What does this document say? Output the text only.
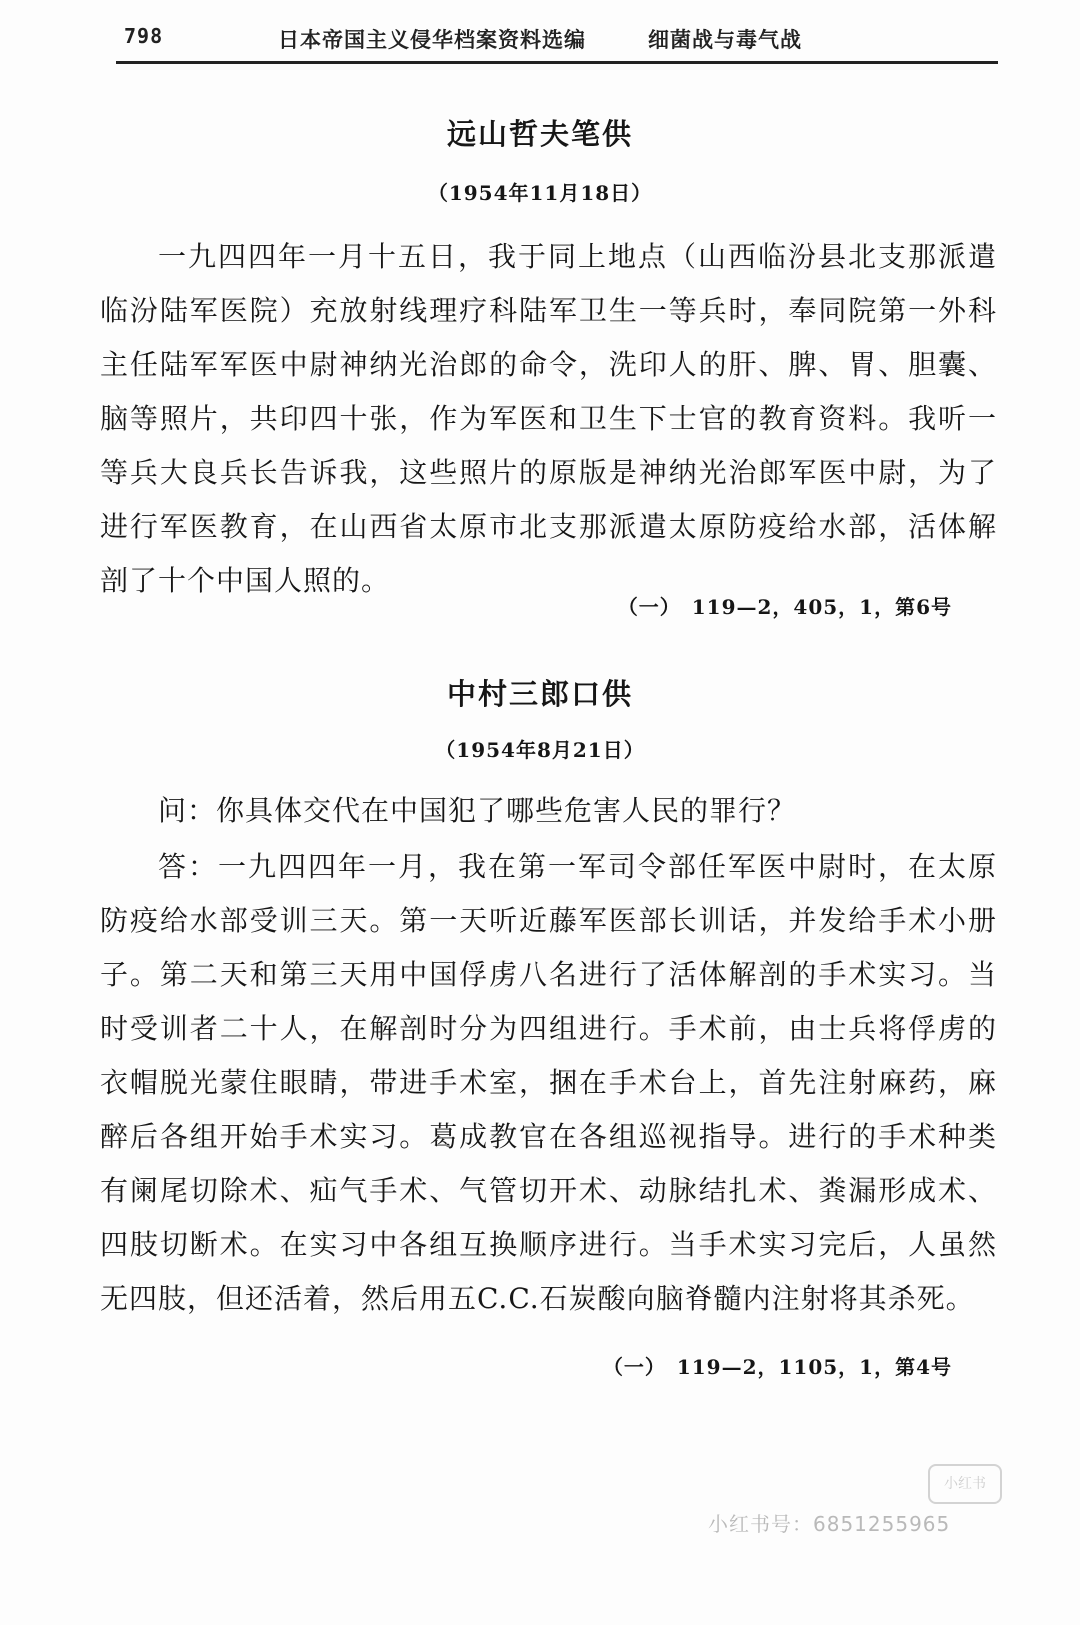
798	日本帝国主义侵华档案资料选编	细菌战与毒气战
远山哲夫笔供
（1954年11月18日）

一九四四年一月十五日，我于同上地点（山西临汾县北支那派遣临汾陆军医院）充放射线理疗科陆军卫生一等兵时，奉同院第一外科主任陆军军医中尉神纳光治郎的命令，洗印人的肝、脾、胃、胆囊、脑等照片，共印四十张，作为军医和卫生下士官的教育资料。我听一等兵大良兵长告诉我，这些照片的原版是神纳光治郎军医中尉，为了进行军医教育，在山西省太原市北支那派遣太原防疫给水部，活体解剖了十个中国人照的。

（一）　119—2，405，1，第6号
中村三郎口供
（1954年8月21日）

问：你具体交代在中国犯了哪些危害人民的罪行？

答：一九四四年一月，我在第一军司令部任军医中尉时，在太原防疫给水部受训三天。第一天听近藤军医部长训话，并发给手术小册子。第二天和第三天用中国俘虏八名进行了活体解剖的手术实习。当时受训者二十人，在解剖时分为四组进行。手术前，由士兵将俘虏的衣帽脱光蒙住眼睛，带进手术室，捆在手术台上，首先注射麻药，麻醉后各组开始手术实习。葛成教官在各组巡视指导。进行的手术种类有阑尾切除术、疝气手术、气管切开术、动脉结扎术、粪漏形成术、四肢切断术。在实习中各组互换顺序进行。当手术实习完后，人虽然无四肢，但还活着，然后用五C.C.石炭酸向脑脊髓内注射将其杀死。

（一）　119—2，1105，1，第4号
小红书
小红书号：6851255965
